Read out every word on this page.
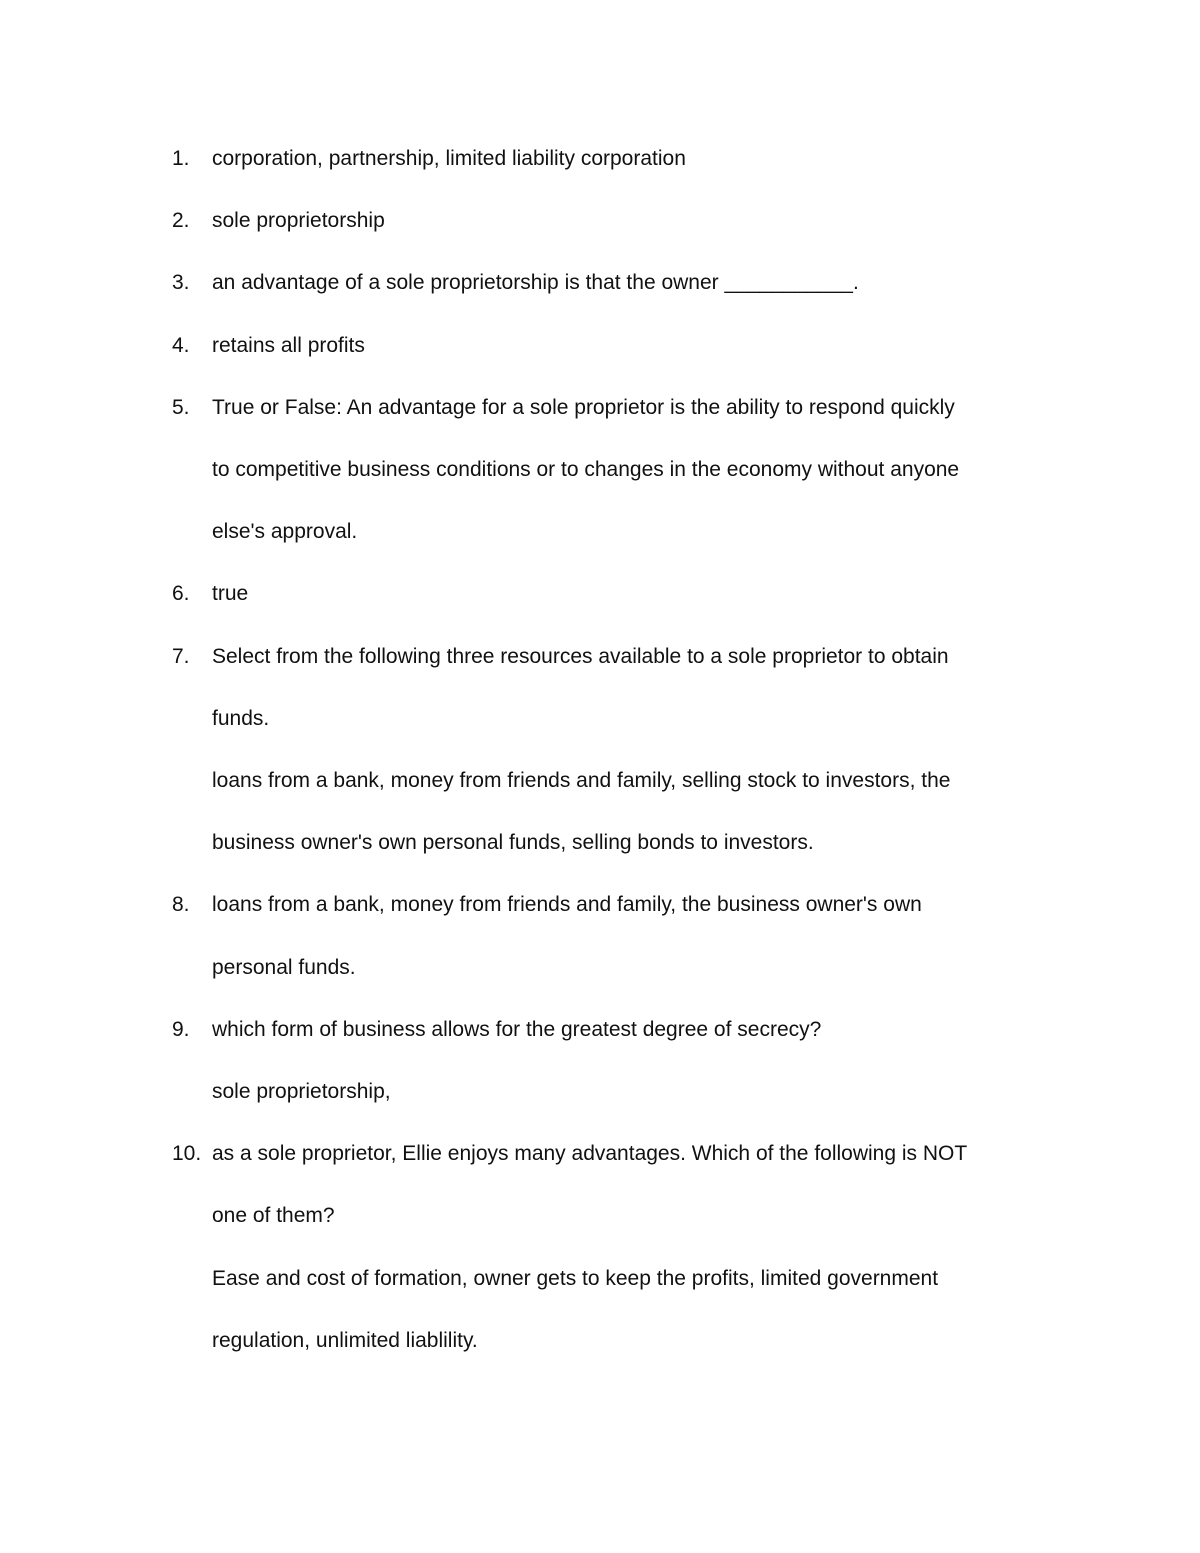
1.	corporation, partnership, limited liability corporation
2.	sole proprietorship
3.	an advantage of a sole proprietorship is that the owner ___________.
4.	retains all profits
5.	True or False: An advantage for a sole proprietor is the ability to respond quickly
to competitive business conditions or to changes in the economy without anyone
else's approval.
6.	true
7.	Select from the following three resources available to a sole proprietor to obtain
funds.
loans from a bank, money from friends and family, selling stock to investors, the
business owner's own personal funds, selling bonds to investors.
8.	loans from a bank, money from friends and family, the business owner's own
personal funds.
9.	which form of business allows for the greatest degree of secrecy?
sole proprietorship,
10. as a sole proprietor, Ellie enjoys many advantages. Which of the following is NOT
one of them?
Ease and cost of formation, owner gets to keep the profits, limited government
regulation, unlimited liablility.
